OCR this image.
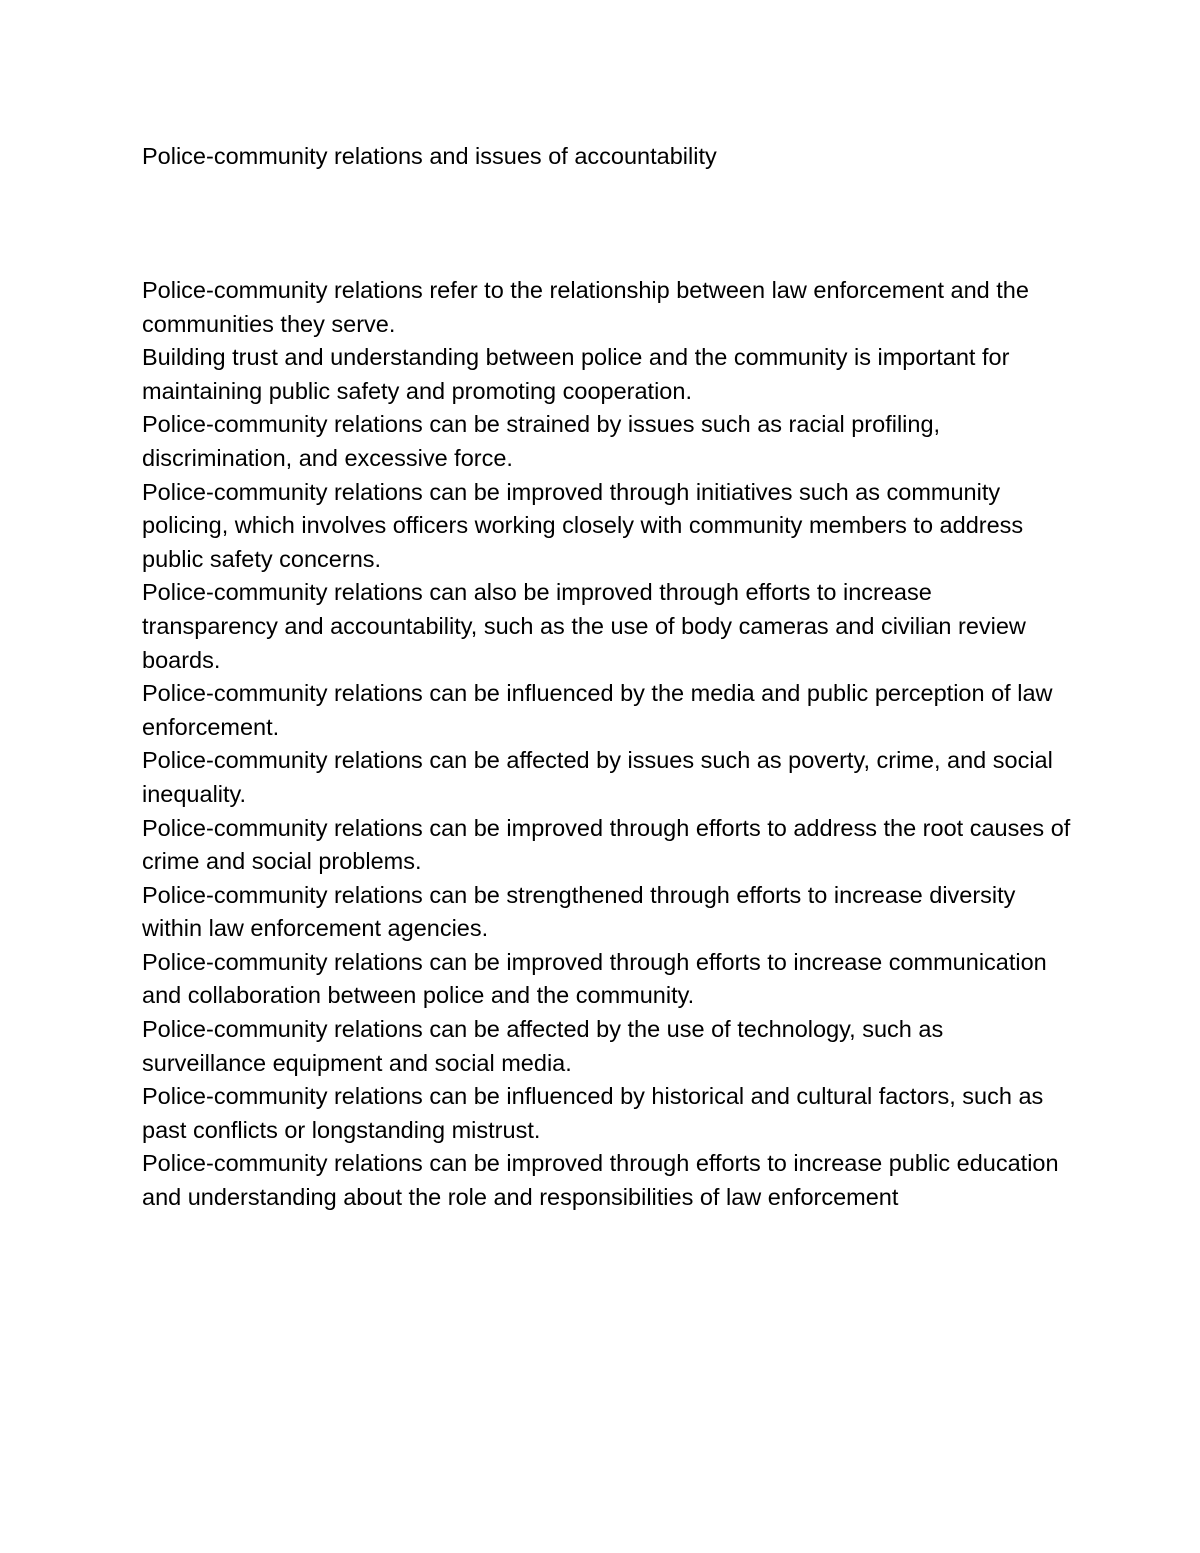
Police-community relations and issues of accountability

Police-community relations refer to the relationship between law enforcement and the communities they serve.

Building trust and understanding between police and the community is important for maintaining public safety and promoting cooperation.

Police-community relations can be strained by issues such as racial profiling, discrimination, and excessive force.

Police-community relations can be improved through initiatives such as community policing, which involves officers working closely with community members to address public safety concerns.

Police-community relations can also be improved through efforts to increase transparency and accountability, such as the use of body cameras and civilian review boards.

Police-community relations can be influenced by the media and public perception of law enforcement.

Police-community relations can be affected by issues such as poverty, crime, and social inequality.

Police-community relations can be improved through efforts to address the root causes of crime and social problems.

Police-community relations can be strengthened through efforts to increase diversity within law enforcement agencies.

Police-community relations can be improved through efforts to increase communication and collaboration between police and the community.

Police-community relations can be affected by the use of technology, such as surveillance equipment and social media.

Police-community relations can be influenced by historical and cultural factors, such as past conflicts or longstanding mistrust.

Police-community relations can be improved through efforts to increase public education and understanding about the role and responsibilities of law enforcement
